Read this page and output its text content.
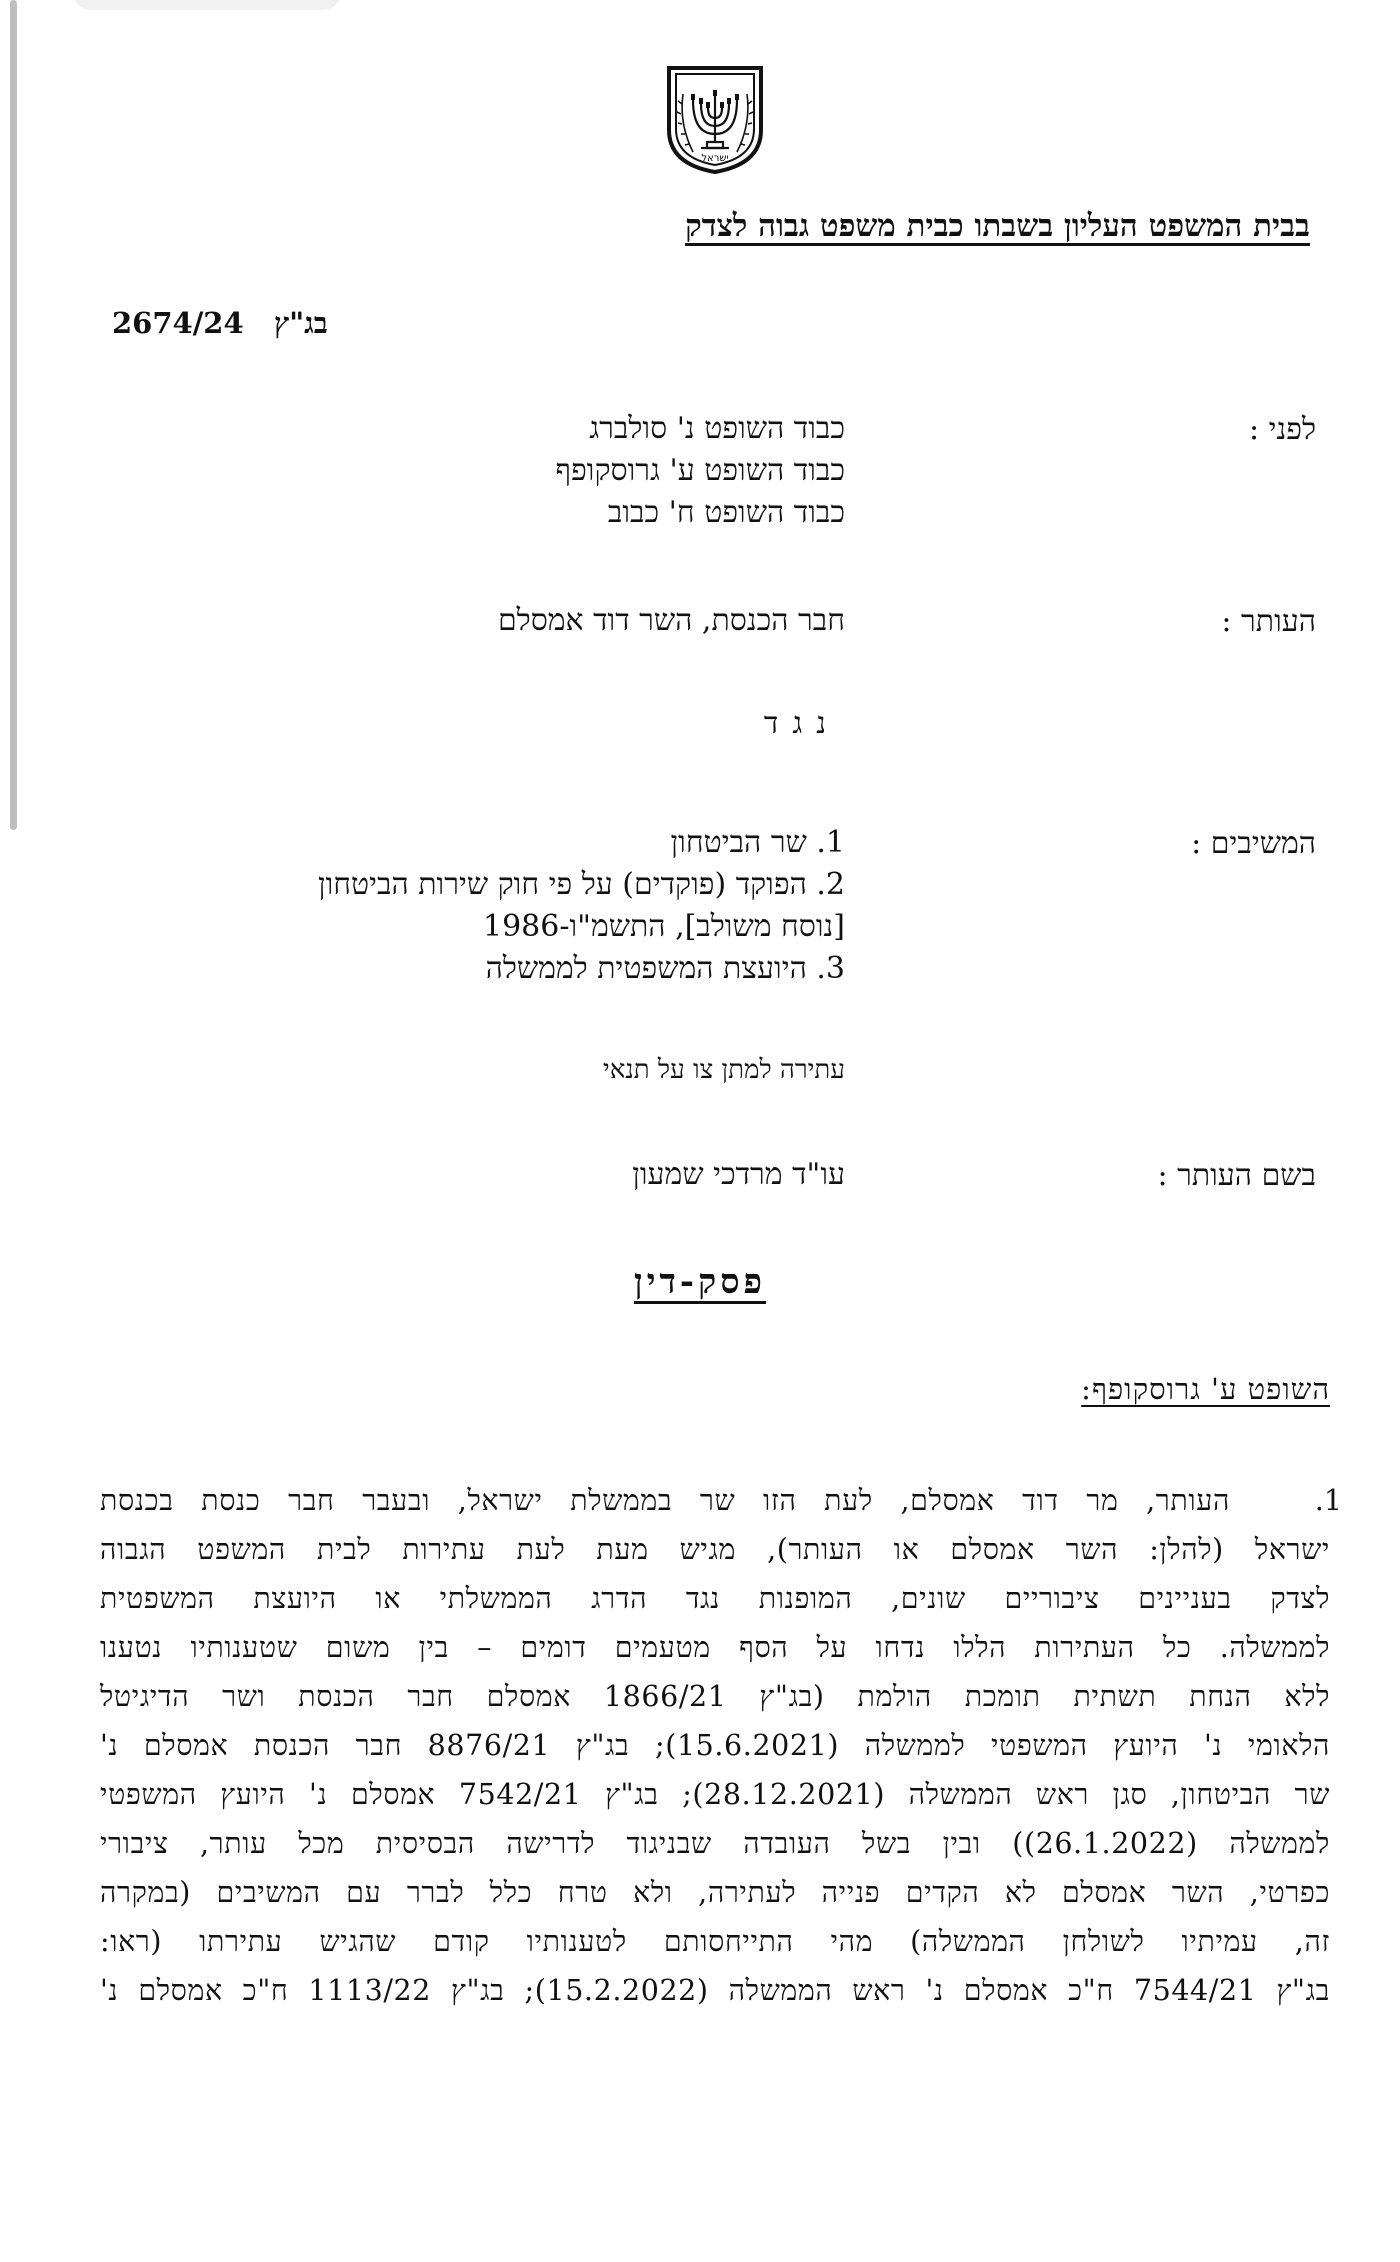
ישראל
בבית המשפט העליון בשבתו כבית משפט גבוה לצדק
2674/24 בג"ץ
לפני :
כבוד השופט נ' סולברג
כבוד השופט ע' גרוסקופף
כבוד השופט ח' כבוב
העותר :
חבר הכנסת, השר דוד אמסלם
נגד
המשיבים :
1. שר הביטחון
2. הפוקד (פוקדים) על פי חוק שירות הביטחון
[נוסח משולב], התשמ"ו-1986
3. היועצת המשפטית לממשלה
עתירה למתן צו על תנאי
בשם העותר :
עו"ד מרדכי שמעון
פסק-דין
השופט ע' גרוסקופף:
1.
העותר, מר דוד אמסלם, לעת הזו שר בממשלת ישראל, ובעבר חבר כנסת בכנסת
ישראל (להלן: השר אמסלם או העותר), מגיש מעת לעת עתירות לבית המשפט הגבוה
לצדק בעניינים ציבוריים שונים, המופנות נגד הדרג הממשלתי או היועצת המשפטית
לממשלה. כל העתירות הללו נדחו על הסף מטעמים דומים – בין משום שטענותיו נטענו
ללא הנחת תשתית תומכת הולמת (בג"ץ 1866/21 אמסלם חבר הכנסת ושר הדיגיטל
הלאומי נ' היועץ המשפטי לממשלה (15.6.2021); בג"ץ 8876/21 חבר הכנסת אמסלם נ'
שר הביטחון, סגן ראש הממשלה (28.12.2021); בג"ץ 7542/21 אמסלם נ' היועץ המשפטי
לממשלה (26.1.2022)) ובין בשל העובדה שבניגוד לדרישה הבסיסית מכל עותר, ציבורי
כפרטי, השר אמסלם לא הקדים פנייה לעתירה, ולא טרח כלל לברר עם המשיבים (במקרה
זה, עמיתיו לשולחן הממשלה) מהי התייחסותם לטענותיו קודם שהגיש עתירתו (ראו:
בג"ץ 7544/21 ח"כ אמסלם נ' ראש הממשלה (15.2.2022); בג"ץ 1113/22 ח"כ אמסלם נ'
